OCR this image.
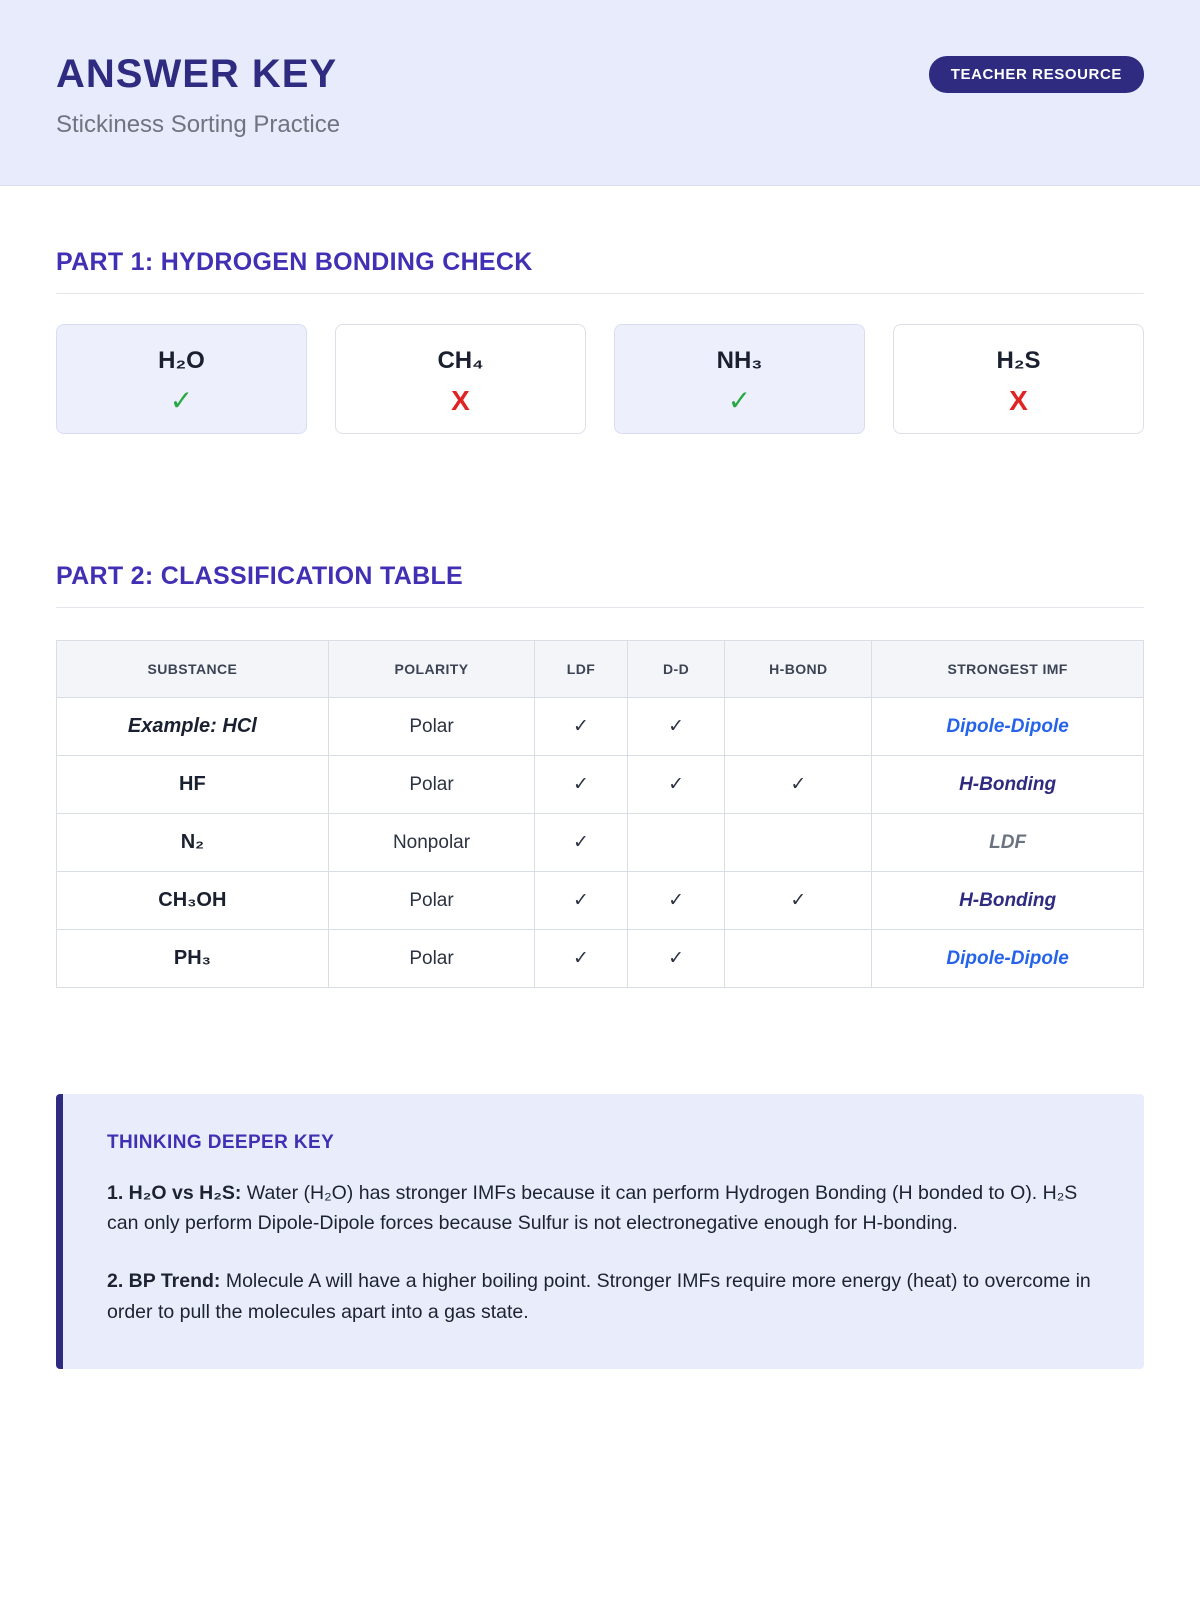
ANSWER KEY
Stickiness Sorting Practice
TEACHER RESOURCE
PART 1: HYDROGEN BONDING CHECK
H₂O
✓
CH₄
X
NH₃
✓
H₂S
X
PART 2: CLASSIFICATION TABLE
SUBSTANCE	POLARITY	LDF	D-D	H-BOND	STRONGEST IMF
Example: HCl	Polar	✓	✓		Dipole-Dipole
HF	Polar	✓	✓	✓	H-Bonding
N₂	Nonpolar	✓			LDF
CH₃OH	Polar	✓	✓	✓	H-Bonding
PH₃	Polar	✓	✓		Dipole-Dipole
THINKING DEEPER KEY

1. H₂O vs H₂S: Water (H₂O) has stronger IMFs because it can perform Hydrogen Bonding (H bonded to O). H₂S can only perform Dipole-Dipole forces because Sulfur is not electronegative enough for H-bonding.

2. BP Trend: Molecule A will have a higher boiling point. Stronger IMFs require more energy (heat) to overcome in order to pull the molecules apart into a gas state.
